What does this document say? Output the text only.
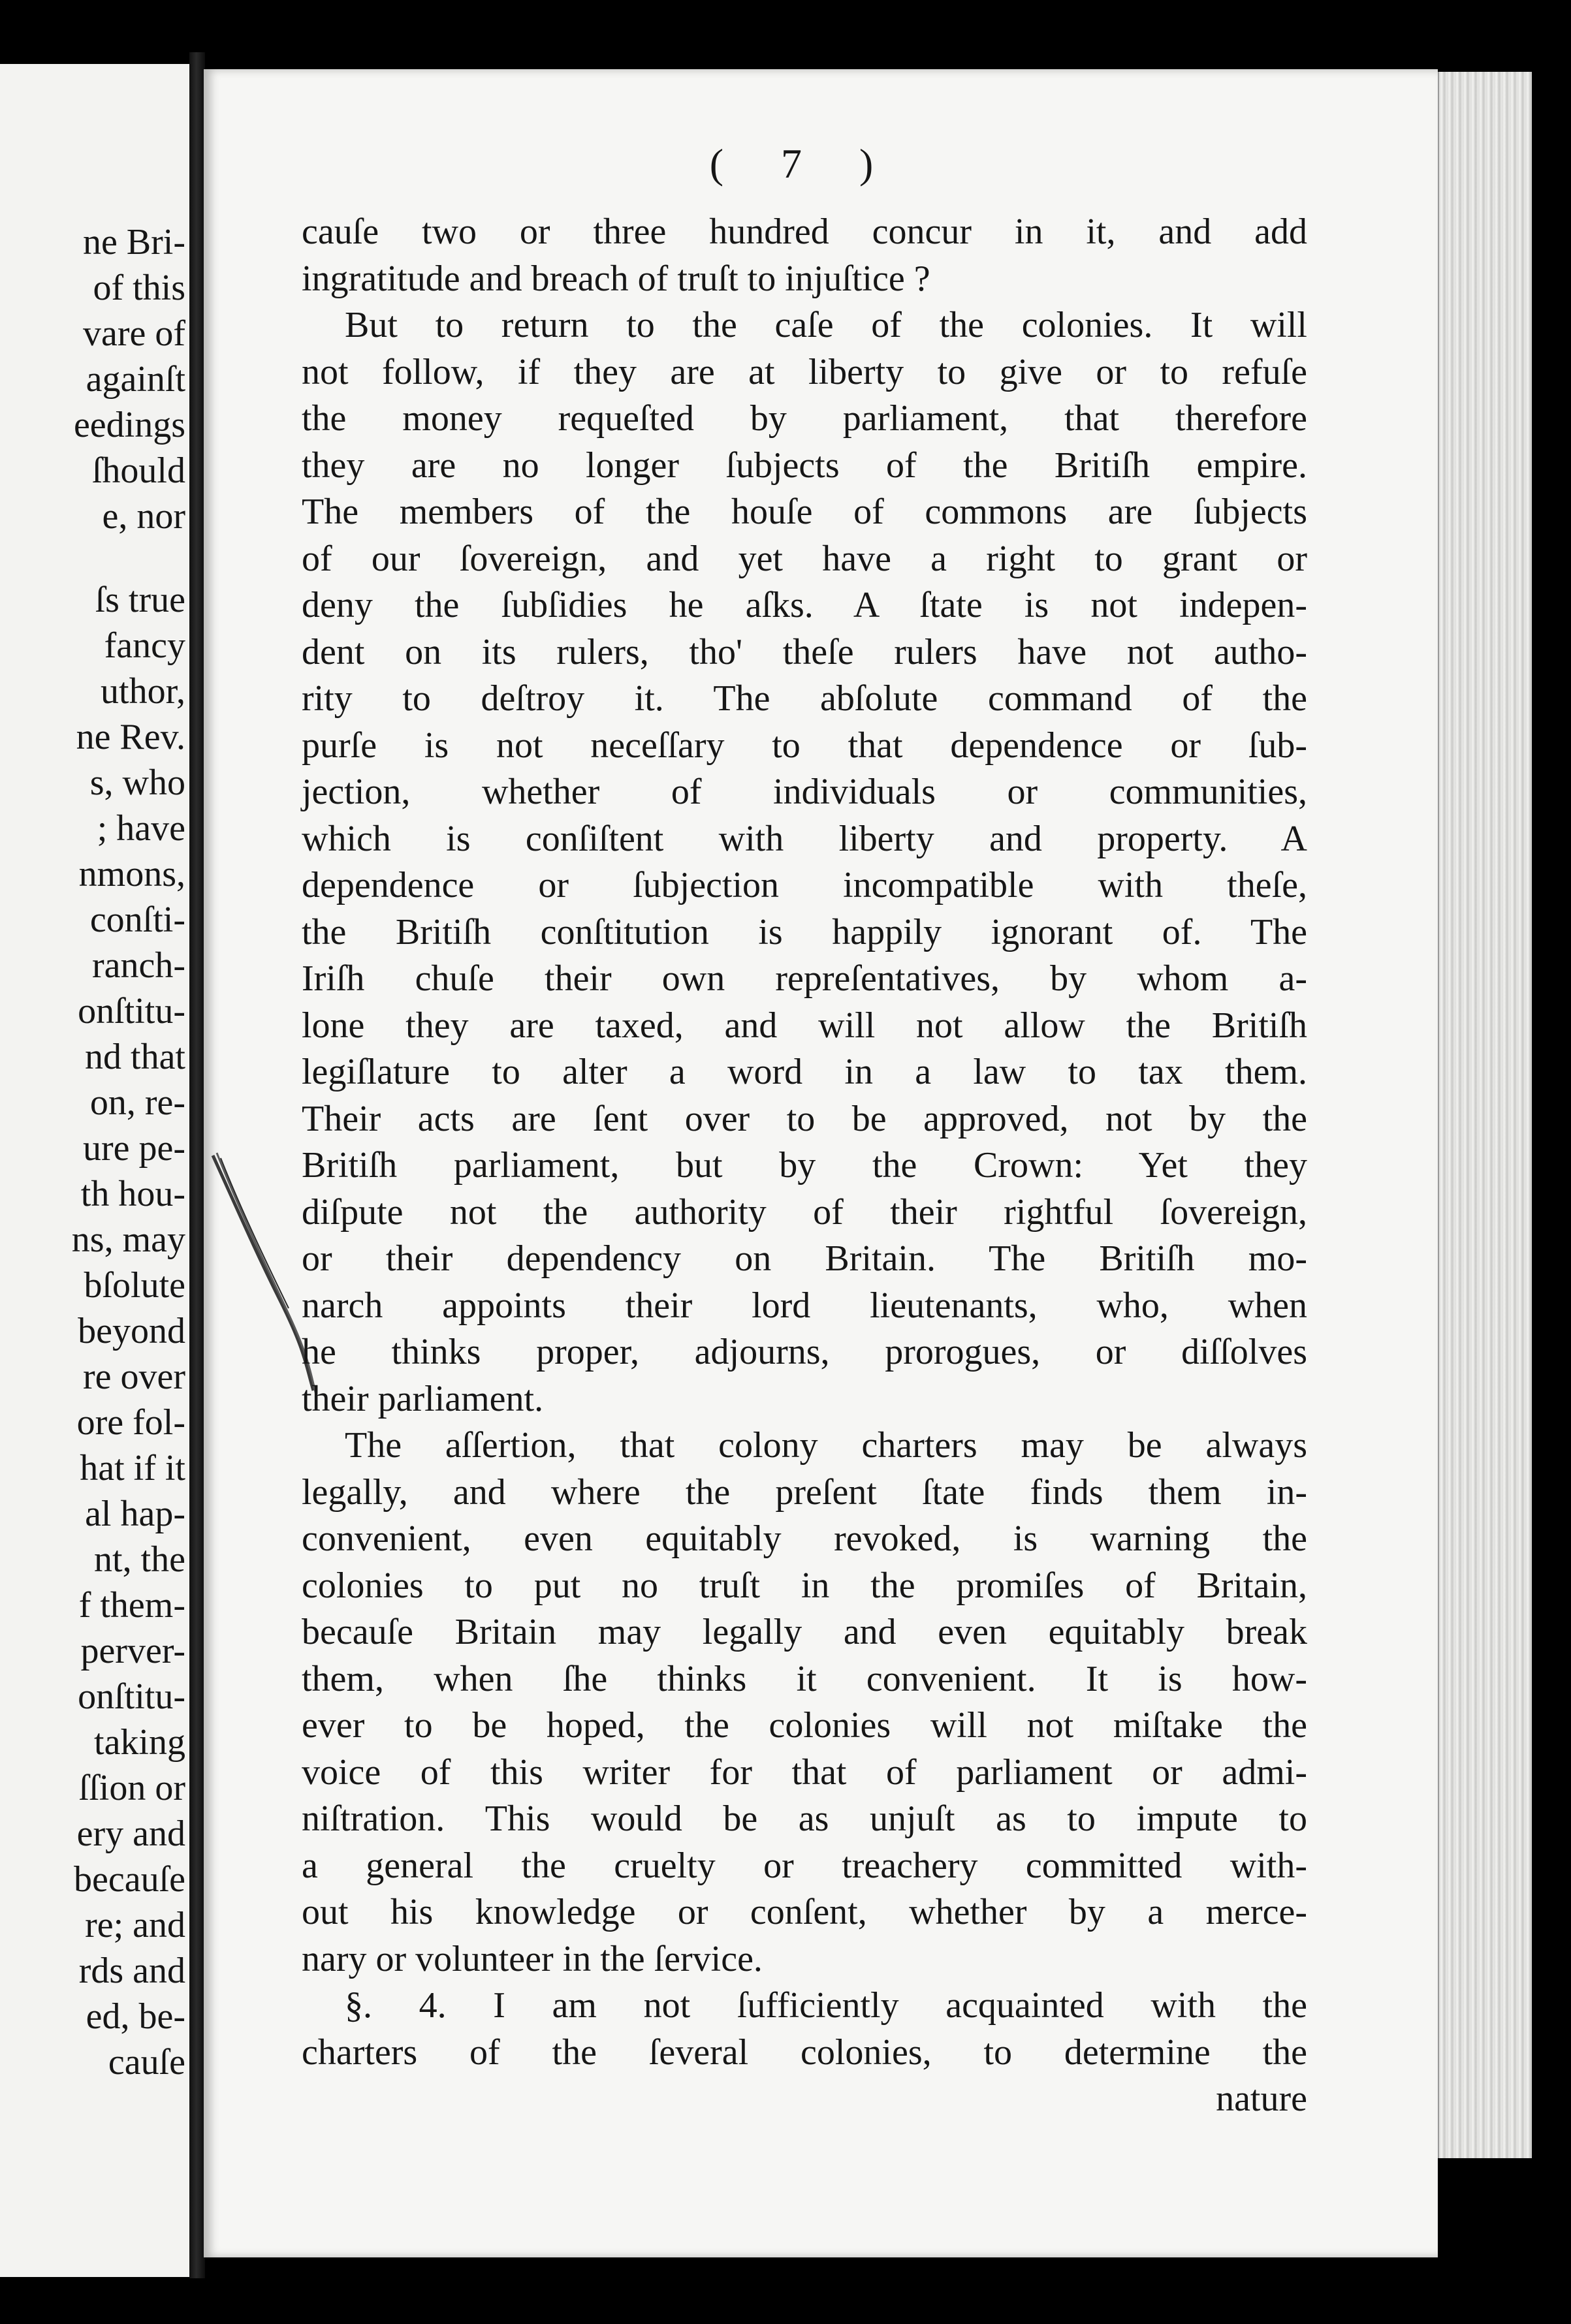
ne Bri-
of this
vare of
againſt
eedings
ſhould
e, nor
ſs true
fancy
uthor,
ne Rev.
s, who
; have
nmons,
conſti-
ranch-
onſtitu-
nd that
on, re-
ure pe-
th hou-
ns, may
bſolute
beyond
re over
ore fol-
hat if it
al hap-
nt, the
f them-
perver-
onſtitu-
taking
ſſion or
ery and
becauſe
re; and
rds and
ed, be-
cauſe
( 7 )
cauſe two or three hundred concur in it, and add
ingratitude and breach of truſt to injuſtice ?
But to return to the caſe of the colonies. It will
not follow, if they are at liberty to give or to refuſe
the money requeſted by parliament, that therefore
they are no longer ſubjects of the Britiſh empire.
The members of the houſe of commons are ſubjects
of our ſovereign, and yet have a right to grant or
deny the ſubſidies he aſks. A ſtate is not indepen-
dent on its rulers, tho' theſe rulers have not autho-
rity to deſtroy it. The abſolute command of the
purſe is not neceſſary to that dependence or ſub-
jection, whether of individuals or communities,
which is conſiſtent with liberty and property. A
dependence or ſubjection incompatible with theſe,
the Britiſh conſtitution is happily ignorant of. The
Iriſh chuſe their own repreſentatives, by whom a-
lone they are taxed, and will not allow the Britiſh
legiſlature to alter a word in a law to tax them.
Their acts are ſent over to be approved, not by the
Britiſh parliament, but by the Crown: Yet they
diſpute not the authority of their rightful ſovereign,
or their dependency on Britain. The Britiſh mo-
narch appoints their lord lieutenants, who, when
he thinks proper, adjourns, prorogues, or diſſolves
their parliament.
The aſſertion, that colony charters may be always
legally, and where the preſent ſtate finds them in-
convenient, even equitably revoked, is warning the
colonies to put no truſt in the promiſes of Britain,
becauſe Britain may legally and even equitably break
them, when ſhe thinks it convenient. It is how-
ever to be hoped, the colonies will not miſtake the
voice of this writer for that of parliament or admi-
niſtration. This would be as unjuſt as to impute to
a general the cruelty or treachery committed with-
out his knowledge or conſent, whether by a merce-
nary or volunteer in the ſervice.
§. 4. I am not ſufficiently acquainted with the
charters of the ſeveral colonies, to determine the
nature
